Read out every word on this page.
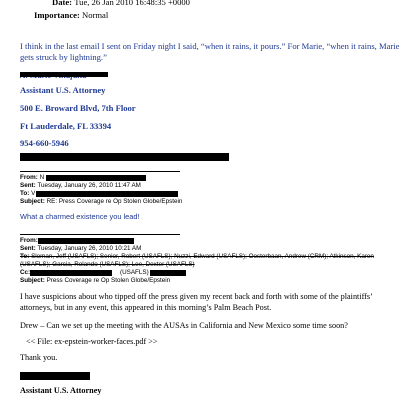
Date: Tue, 26 Jan 2010 16:48:35 +0000
Importance: Normal
I think in the last email I sent on Friday night I said, “when it rains, it pours.” For Marie, “when it rains, Marie
gets struck by lightning.”
Assistant U.S. Attorney
500 E. Broward Blvd, 7th Floor
Ft Lauderdale, FL 33394
954-660-5946
From: N
Sent: Tuesday, January 26, 2010 11:47 AM
To: V
Subject: RE: Press Coverage re Op Stolen Globe/Epstein
What a charmed existence you lead!
From:
Sent: Tuesday, January 26, 2010 10:21 AM
To: Sloman, Jeff (USAFLS); Senior, Robert (USAFLS); Nuzzi, Edward (USAFLS); Oosterbaan, Andrew (CRM); Atkinson, Karen
(USAFLS); Garcia, Rolando (USAFLS); Lee, Dexter (USAFLS)
Cc:	(USAFLS)
Subject: Press Coverage re Op Stolen Globe/Epstein
I have suspicions about who tipped off the press given my recent back and forth with some of the plaintiffs’
attorneys, but in any event, this appeared in this morning’s Palm Beach Post.
Drew – Can we set up the meeting with the AUSAs in California and New Mexico some time soon?
<< File: ex-epstein-worker-faces.pdf >>
Thank you.
Assistant U.S. Attorney
